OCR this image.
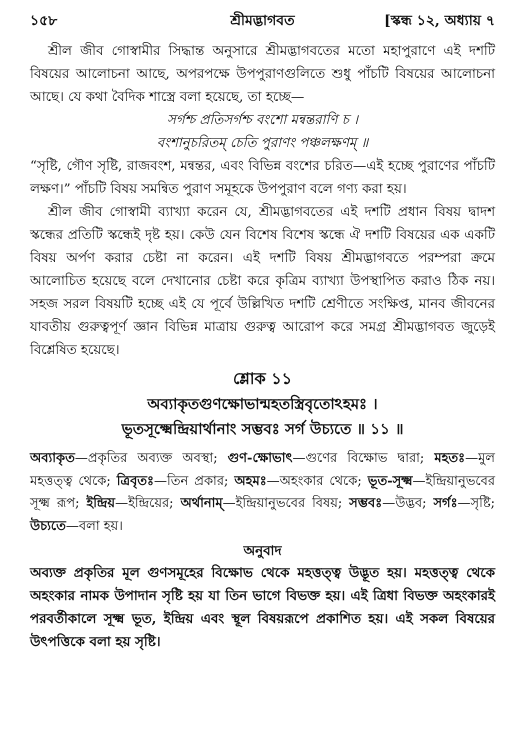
১৫৮	শ্রীমদ্ভাগবত	[স্কন্ধ ১২, অধ্যায় ৭

শ্রীল জীব গোস্বামীর সিদ্ধান্ত অনুসারে শ্রীমদ্ভাগবতের মতো মহাপুরাণে এই দশটি বিষয়ের আলোচনা আছে, অপরপক্ষে উপপুরাণগুলিতে শুধু পাঁচটি বিষয়ের আলোচনা আছে। যে কথা বৈদিক শাস্ত্রে বলা হয়েছে, তা হচ্ছে—

সর্গশ্চ প্রতিসর্গশ্চ বংশো মন্বন্তরাণি চ ।
বংশানুচরিতম্ চেতি পুরাণং পঞ্চলক্ষণম্ ॥

“সৃষ্টি, গৌণ সৃষ্টি, রাজবংশ, মন্বন্তর, এবং বিভিন্ন বংশের চরিত—এই হচ্ছে পুরাণের পাঁচটি লক্ষণ।” পাঁচটি বিষয় সমন্বিত পুরাণ সমূহকে উপপুরাণ বলে গণ্য করা হয়।

শ্রীল জীব গোস্বামী ব্যাখ্যা করেন যে, শ্রীমদ্ভাগবতের এই দশটি প্রধান বিষয় দ্বাদশ স্কন্ধের প্রতিটি স্কন্ধেই দৃষ্ট হয়। কেউ যেন বিশেষ বিশেষ স্কন্ধে ঐ দশটি বিষয়ের এক একটি বিষয় অর্পণ করার চেষ্টা না করেন। এই দশটি বিষয় শ্রীমদ্ভাগবতে পরম্পরা ক্রমে আলোচিত হয়েছে বলে দেখানোর চেষ্টা করে কৃত্রিম ব্যাখ্যা উপস্থাপিত করাও ঠিক নয়। সহজ সরল বিষয়টি হচ্ছে এই যে পূর্বে উল্লিখিত দশটি শ্রেণীতে সংক্ষিপ্ত, মানব জীবনের যাবতীয় গুরুত্বপূর্ণ জ্ঞান বিভিন্ন মাত্রায় গুরুত্ব আরোপ করে সমগ্র শ্রীমদ্ভাগবত জুড়েই বিশ্লেষিত হয়েছে।

শ্লোক ১১
অব্যাকৃতগুণক্ষোভান্মহতস্ত্রিবৃতোঽহমঃ ।
ভূতসূক্ষ্মেন্দ্রিয়ার্থানাং সম্ভবঃ সর্গ উচ্যতে ॥ ১১ ॥

অব্যাকৃত—প্রকৃতির অব্যক্ত অবস্থা; গুণ-ক্ষোভাৎ—গুণের বিক্ষোভ দ্বারা; মহতঃ—মুল মহত্তত্ত্ব থেকে; ত্রিবৃতঃ—তিন প্রকার; অহমঃ—অহংকার থেকে; ভূত-সূক্ষ্ম—ইন্দ্রিয়ানুভবের সূক্ষ্ম রূপ; ইন্দ্রিয়—ইন্দ্রিয়ের; অর্থানাম্—ইন্দ্রিয়ানুভবের বিষয়; সম্ভবঃ—উদ্ভব; সর্গঃ—সৃষ্টি; উচ্যতে—বলা হয়।

অনুবাদ

অব্যক্ত প্রকৃতির মূল গুণসমূহের বিক্ষোভ থেকে মহত্তত্ত্ব উদ্ভূত হয়। মহত্তত্ত্ব থেকে অহংকার নামক উপাদান সৃষ্টি হয় যা তিন ভাগে বিভক্ত হয়। এই ত্রিধা বিভক্ত অহংকারই পরবর্তীকালে সূক্ষ্ম ভূত, ইন্দ্রিয় এবং স্থূল বিষয়রূপে প্রকাশিত হয়। এই সকল বিষয়ের উৎপত্তিকে বলা হয় সৃষ্টি।
